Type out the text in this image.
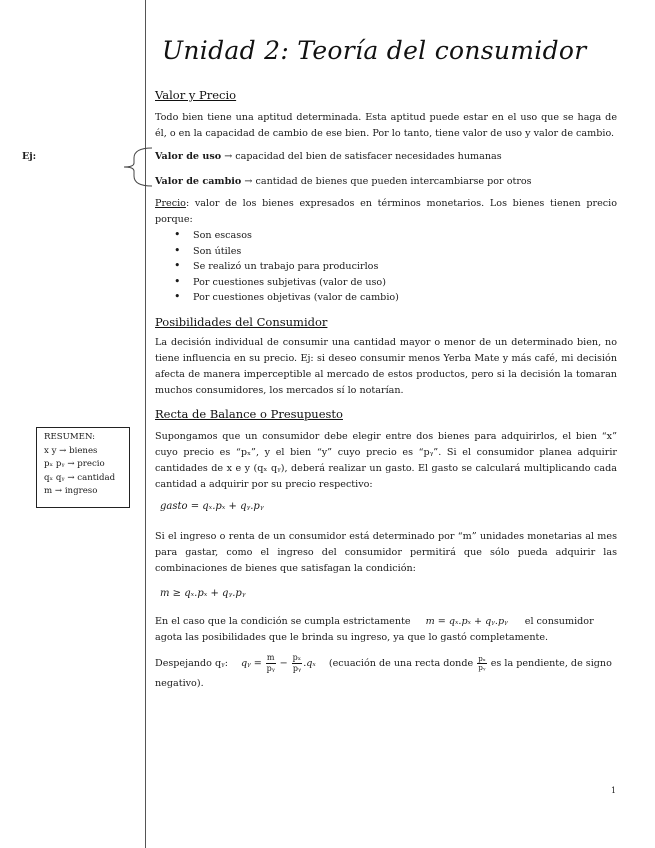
Unidad 2: Teoría del consumidor
Valor y Precio
Todo bien tiene una aptitud determinada. Esta aptitud puede estar en el uso que se haga de él, o en la capacidad de cambio de ese bien. Por lo tanto, tiene valor de uso y valor de cambio.
Ej:	Valor de uso → capacidad del bien de satisfacer necesidades humanas
Valor de cambio → cantidad de bienes que pueden intercambiarse por otros
Precio: valor de los bienes expresados en términos monetarios. Los bienes tienen precio porque:
• Son escasos
• Son útiles
• Se realizó un trabajo para producirlos
• Por cuestiones subjetivas (valor de uso)
• Por cuestiones objetivas (valor de cambio)
Posibilidades del Consumidor
La decisión individual de consumir una cantidad mayor o menor de un determinado bien, no tiene influencia en su precio. Ej: si deseo consumir menos Yerba Mate y más café, mi decisión afecta de manera imperceptible al mercado de estos productos, pero si la decisión la tomaran muchos consumidores, los mercados sí lo notarían.
Recta de Balance o Presupuesto
Supongamos que un consumidor debe elegir entre dos bienes para adquirirlos, el bien “x” cuyo precio es “pₓ”, y el bien “y” cuyo precio es “pᵧ”. Si el consumidor planea adquirir cantidades de x e y (qₓ qᵧ), deberá realizar un gasto. El gasto se calculará multiplicando cada cantidad a adquirir por su precio respectivo:
gasto = qₓ.pₓ + qᵧ.pᵧ
Si el ingreso o renta de un consumidor está determinado por “m” unidades monetarias al mes para gastar, como el ingreso del consumidor permitirá que sólo pueda adquirir las combinaciones de bienes que satisfagan la condición:
m ≥ qₓ.pₓ + qᵧ.pᵧ
En el caso que la condición se cumpla estrictamente m = qₓ.pₓ + qᵧ.pᵧ el consumidor
agota las posibilidades que le brinda su ingreso, ya que lo gastó completamente.
Despejando qᵧ: qᵧ = $\frac{m}{\text{pᵧ}} - \frac{\text{pₓ}}{\text{pᵧ}} .q_x$ (ecuación de una recta donde $\frac{\text{pₓ}}{\text{pᵧ}}$ es la pendiente, de signo
negativo).
RESUMEN:
x y → bienes
pₓ pᵧ → precio
qₓ qᵧ → cantidad
m → ingreso
1
